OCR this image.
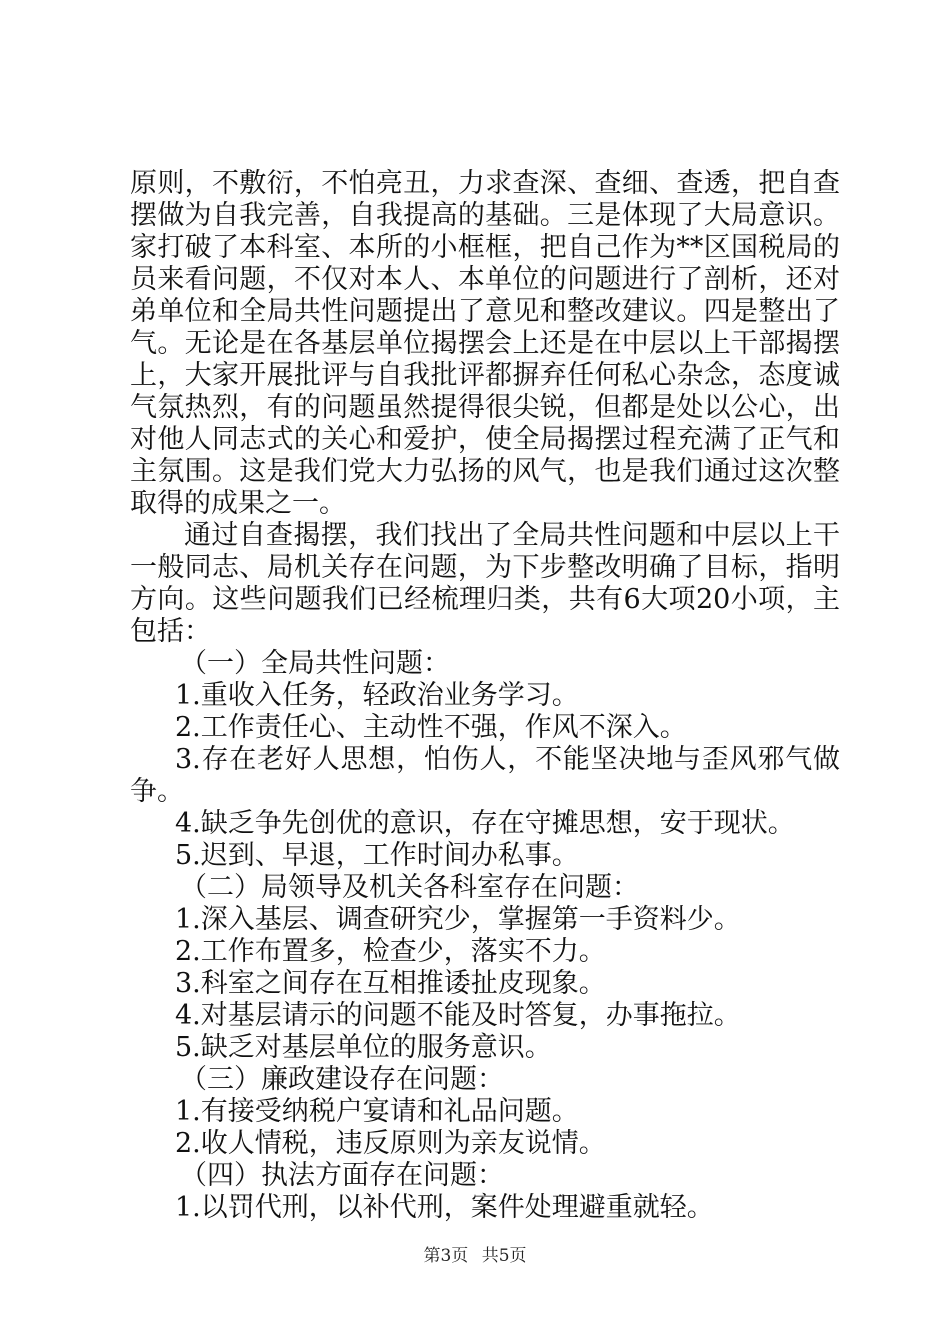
原则，不敷衍，不怕亮丑，力求查深、查细、查透，把自查
摆做为自我完善，自我提高的基础。三是体现了大局意识。
家打破了本科室、本所的小框框，把自己作为**区国税局的
员来看问题，不仅对本人、本单位的问题进行了剖析，还对
弟单位和全局共性问题提出了意见和整改建议。四是整出了
气。无论是在各基层单位揭摆会上还是在中层以上干部揭摆
上，大家开展批评与自我批评都摒弃任何私心杂念，态度诚
气氛热烈，有的问题虽然提得很尖锐，但都是处以公心，出
对他人同志式的关心和爱护，使全局揭摆过程充满了正气和
主氛围。这是我们党大力弘扬的风气，也是我们通过这次整
取得的成果之一。
通过自查揭摆，我们找出了全局共性问题和中层以上干
一般同志、局机关存在问题，为下步整改明确了目标，指明
方向。这些问题我们已经梳理归类，共有6大项20小项，主
包括：
（一）全局共性问题：
1.重收入任务，轻政治业务学习。
2.工作责任心、主动性不强，作风不深入。
3.存在老好人思想，怕伤人，不能坚决地与歪风邪气做
争。
4.缺乏争先创优的意识，存在守摊思想，安于现状。
5.迟到、早退，工作时间办私事。
（二）局领导及机关各科室存在问题：
1.深入基层、调查研究少，掌握第一手资料少。
2.工作布置多，检查少，落实不力。
3.科室之间存在互相推诿扯皮现象。
4.对基层请示的问题不能及时答复，办事拖拉。
5.缺乏对基层单位的服务意识。
（三）廉政建设存在问题：
1.有接受纳税户宴请和礼品问题。
2.收人情税，违反原则为亲友说情。
（四）执法方面存在问题：
1.以罚代刑，以补代刑，案件处理避重就轻。
第3页 共5页
